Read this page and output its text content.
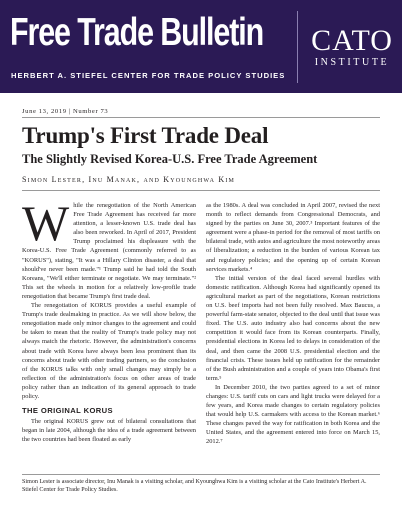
Free Trade Bulletin
HERBERT A. STIEFEL CENTER FOR TRADE POLICY STUDIES
CATO
INSTITUTE
June 13, 2019 | Number 73
Trump's First Trade Deal
The Slightly Revised Korea-U.S. Free Trade Agreement
Simon Lester, Inu Manak, and Kyounghwa Kim

While the renegotiation of the North American Free Trade Agreement has received far more attention, a lesser-known U.S. trade deal has also been reworked. In April of 2017, President Trump proclaimed his displeasure with the Korea-U.S. Free Trade Agreement (commonly referred to as "KORUS"), stating, "It was a Hillary Clinton disaster, a deal that should've never been made."¹ Trump said he had told the South Koreans, "We'll either terminate or negotiate. We may terminate."² This set the wheels in motion for a relatively low-profile trade renegotiation that became Trump's first trade deal.

The renegotiation of KORUS provides a useful example of Trump's trade dealmaking in practice. As we will show below, the renegotiation made only minor changes to the agreement and could be taken to mean that the reality of Trump's trade policy may not always match the rhetoric. However, the administration's concerns about trade with Korea have always been less prominent than its concerns about trade with other trading partners, so the conclusion of the KORUS talks with only small changes may simply be a reflection of the administration's focus on other areas of trade policy rather than an indication of its general approach to trade policy.

THE ORIGINAL KORUS

The original KORUS grew out of bilateral consultations that began in late 2004, although the idea of a trade agreement between the two countries had been floated as early

as the 1980s. A deal was concluded in April 2007, revised the next month to reflect demands from Congressional Democrats, and signed by the parties on June 30, 2007.³ Important features of the agreement were a phase-in period for the removal of most tariffs on bilateral trade, with autos and agriculture the most noteworthy areas of liberalization; a reduction in the burden of various Korean tax and regulatory policies; and the opening up of certain Korean services markets.⁴

The initial version of the deal faced several hurdles with domestic ratification. Although Korea had significantly opened its agricultural market as part of the negotiations, Korean restrictions on U.S. beef imports had not been fully resolved. Max Baucus, a powerful farm-state senator, objected to the deal until that issue was fixed. The U.S. auto industry also had concerns about the new competition it would face from its Korean counterparts. Finally, presidential elections in Korea led to delays in consideration of the deal, and then came the 2008 U.S. presidential election and the financial crisis. These issues held up ratification for the remainder of the Bush administration and a couple of years into Obama's first term.⁵

In December 2010, the two parties agreed to a set of minor changes: U.S. tariff cuts on cars and light trucks were delayed for a few years, and Korea made changes to certain regulatory policies that would help U.S. carmakers with access to the Korean market.⁶ These changes paved the way for ratification in both Korea and the United States, and the agreement entered into force on March 15, 2012.⁷

Simon Lester is associate director, Inu Manak is a visiting scholar, and Kyounghwa Kim is a visiting scholar at the Cato Institute's Herbert A. Stiefel Center for Trade Policy Studies.
